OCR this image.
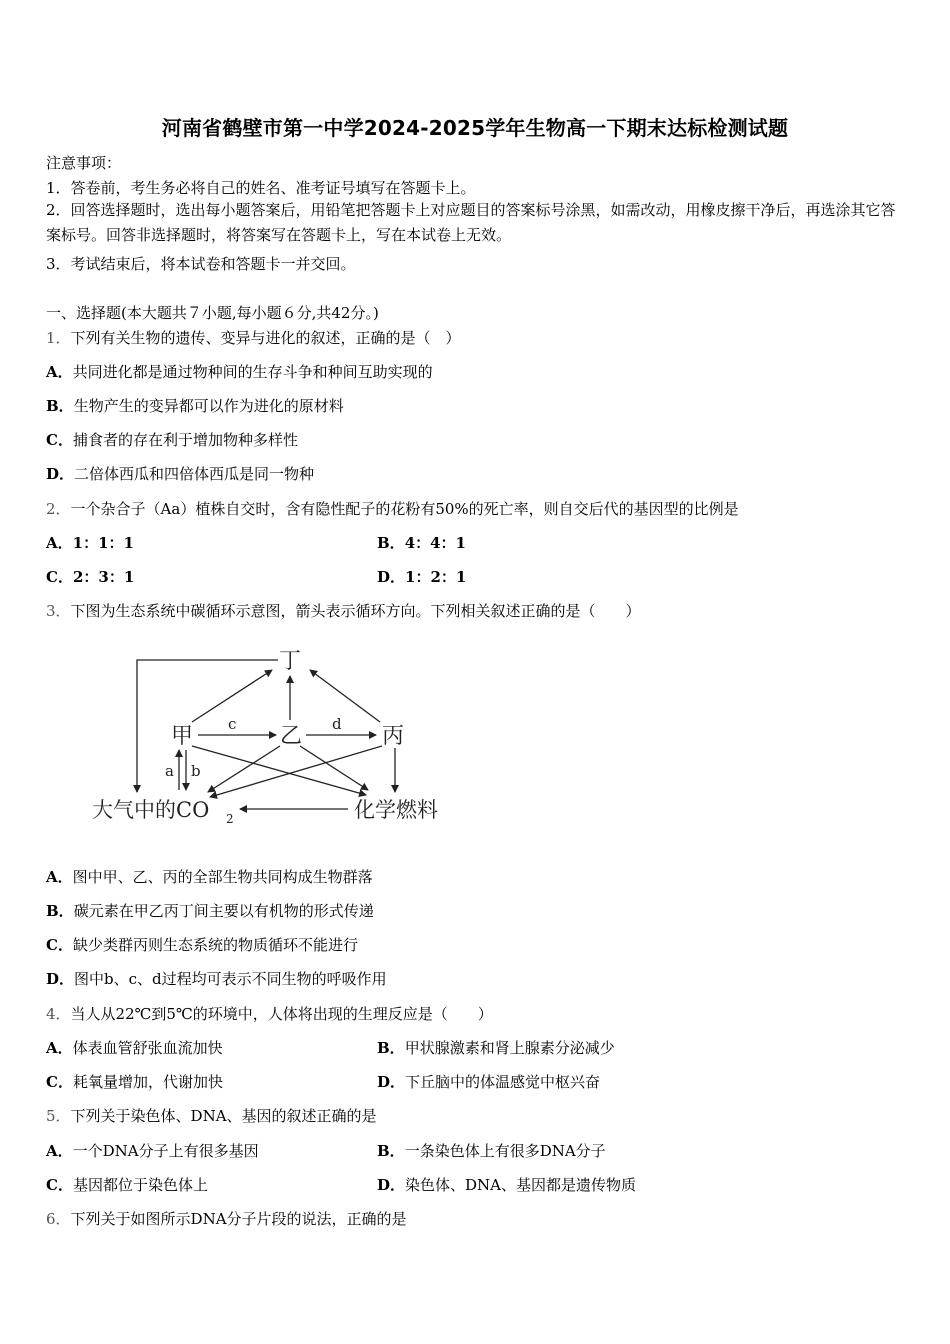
河南省鹤壁市第一中学2024-2025学年生物高一下期末达标检测试题
注意事项：
1．答卷前，考生务必将自己的姓名、准考证号填写在答题卡上。
2．回答选择题时，选出每小题答案后，用铅笔把答题卡上对应题目的答案标号涂黑，如需改动，用橡皮擦干净后，再选涂其它答案标号。回答非选择题时，将答案写在答题卡上，写在本试卷上无效。
3．考试结束后，将本试卷和答题卡一并交回。
一、选择题(本大题共７小题,每小题６分,共42分。)
1．下列有关生物的遗传、变异与进化的叙述，正确的是（　）
A．共同进化都是通过物种间的生存斗争和种间互助实现的
B．生物产生的变异都可以作为进化的原材料
C．捕食者的存在利于增加物种多样性
D．二倍体西瓜和四倍体西瓜是同一物种
2．一个杂合子（Aa）植株自交时，含有隐性配子的花粉有50%的死亡率，则自交后代的基因型的比例是
A．1：1：1	B．4：4：1
C．2：3：1	D．1：2：1
3．下图为生态系统中碳循环示意图，箭头表示循环方向。下列相关叙述正确的是（　　）
丁
甲	乙	丙
大气中的CO 2	化学燃料
c	d
a b
A．图中甲、乙、丙的全部生物共同构成生物群落
B．碳元素在甲乙丙丁间主要以有机物的形式传递
C．缺少类群丙则生态系统的物质循环不能进行
D．图中b、c、d过程均可表示不同生物的呼吸作用
4．当人从22℃到5℃的环境中，人体将出现的生理反应是（　　）
A．体表血管舒张血流加快	B．甲状腺激素和肾上腺素分泌减少
C．耗氧量增加，代谢加快	D．下丘脑中的体温感觉中枢兴奋
5．下列关于染色体、DNA、基因的叙述正确的是
A．一个DNA分子上有很多基因	B．一条染色体上有很多DNA分子
C．基因都位于染色体上	D．染色体、DNA、基因都是遗传物质
6．下列关于如图所示DNA分子片段的说法，正确的是
